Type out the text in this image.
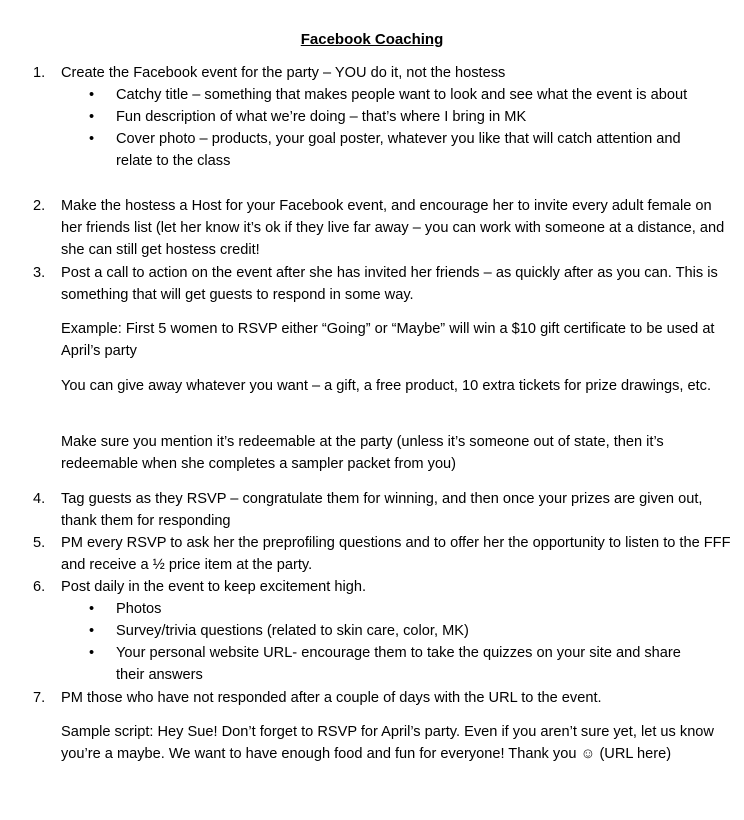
Facebook Coaching
1. Create the Facebook event for the party – YOU do it, not the hostess
• Catchy title – something that makes people want to look and see what the event is about
• Fun description of what we’re doing – that’s where I bring in MK
• Cover photo – products, your goal poster, whatever you like that will catch attention and relate to the class
2. Make the hostess a Host for your Facebook event, and encourage her to invite every adult female on her friends list (let her know it’s ok if they live far away – you can work with someone at a distance, and she can still get hostess credit!
3. Post a call to action on the event after she has invited her friends – as quickly after as you can. This is something that will get guests to respond in some way.
Example: First 5 women to RSVP either “Going” or “Maybe” will win a $10 gift certificate to be used at April’s party
You can give away whatever you want – a gift, a free product, 10 extra tickets for prize drawings, etc.
Make sure you mention it’s redeemable at the party (unless it’s someone out of state, then it’s redeemable when she completes a sampler packet from you)
4. Tag guests as they RSVP – congratulate them for winning, and then once your prizes are given out, thank them for responding
5. PM every RSVP to ask her the preprofiling questions and to offer her the opportunity to listen to the FFF and receive a ½ price item at the party.
6. Post daily in the event to keep excitement high.
• Photos
• Survey/trivia questions (related to skin care, color, MK)
• Your personal website URL- encourage them to take the quizzes on your site and share their answers
7. PM those who have not responded after a couple of days with the URL to the event.
Sample script: Hey Sue! Don’t forget to RSVP for April’s party. Even if you aren’t sure yet, let us know you’re a maybe. We want to have enough food and fun for everyone! Thank you ☺ (URL here)
